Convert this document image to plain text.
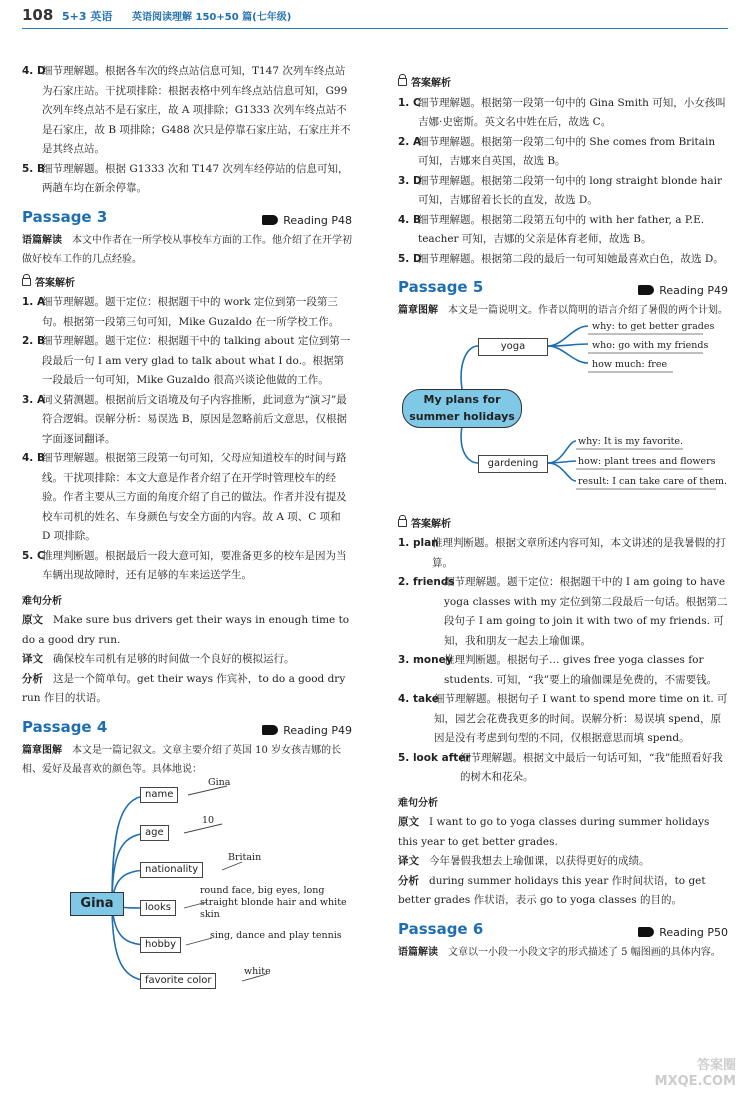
108 5+3 英语 英语阅读理解 150+50 篇(七年级)

4. D
细节理解题。根据各车次的终点站信息可知，T147 次列车终点站为石家庄站。干扰项排除：根据表格中列车终点站信息可知，G99 次列车终点站不是石家庄，故 A 项排除；G1333 次列车终点站不是石家庄，故 B 项排除；G488 次只是停靠石家庄站，石家庄并不是其终点站。

5. B
细节理解题。根据 G1333 次和 T147 次列车经停站的信息可知，两趟车均在新余停靠。

Passage 3	Reading P48
语篇解读　 本文中作者在一所学校从事校车方面的工作。他介绍了在开学初做好校车工作的几点经验。
答案解析

1. A
细节理解题。题干定位：根据题干中的 work 定位到第一段第三句。根据第一段第三句可知，Mike Guzaldo 在一所学校工作。

2. B
细节理解题。题干定位：根据题干中的 talking about 定位到第一段最后一句 I am very glad to talk about what I do.。根据第一段最后一句可知，Mike Guzaldo 很高兴谈论他做的工作。

3. A
词义猜测题。根据前后文语境及句子内容推断，此词意为“演习”最符合逻辑。误解分析：易误选 B，原因是忽略前后文意思，仅根据字面逐词翻译。

4. B
细节理解题。根据第三段第一句可知，父母应知道校车的时间与路线。干扰项排除：本文大意是作者介绍了在开学时管理校车的经验。作者主要从三方面的角度介绍了自己的做法。作者并没有提及校车司机的姓名、车身颜色与安全方面的内容。故 A 项、C 项和 D 项排除。

5. C
推理判断题。根据最后一段大意可知，要准备更多的校车是因为当车辆出现故障时，还有足够的车来运送学生。

难句分析
原文 Make sure bus drivers get their ways in enough time to do a good dry run.
译文 确保校车司机有足够的时间做一个良好的模拟运行。
分析 这是一个简单句。get their ways 作宾补，to do a good dry run 作目的状语。
Passage 4	Reading P49
篇章图解　 本文是一篇记叙文。文章主要介绍了英国 10 岁女孩吉娜的长相、爱好及最喜欢的颜色等。具体地说：
Gina
name
age
nationality
looks
hobby
favorite color
Gina
10
Britain
round face, big eyes, long straight blonde hair and white skin
sing, dance and play tennis
white
答案解析

1. C
细节理解题。根据第一段第一句中的 Gina Smith 可知，小女孩叫吉娜·史密斯。英文名中姓在后，故选 C。

2. A
细节理解题。根据第一段第二句中的 She comes from Britain 可知，吉娜来自英国，故选 B。

3. D
细节理解题。根据第二段第一句中的 long straight blonde hair 可知，吉娜留着长长的直发，故选 D。

4. B
细节理解题。根据第二段第五句中的 with her father, a P.E. teacher 可知，吉娜的父亲是体育老师，故选 B。

5. D
细节理解题。根据第二段的最后一句可知她最喜欢白色，故选 D。

Passage 5	Reading P49
篇章图解　 本文是一篇说明文。作者以简明的语言介绍了暑假的两个计划。
My plans for summer holidays
yoga
gardening
why: to get better grades
who: go with my friends
how much: free
why: It is my favorite.
how: plant trees and flowers
result: I can take care of them.
答案解析

1. plan
推理判断题。根据文章所述内容可知，本文讲述的是我暑假的打算。

2. friends
细节理解题。题干定位：根据题干中的 I am going to have yoga classes with my 定位到第二段最后一句话。根据第二段句子 I am going to join it with two of my friends. 可知，我和朋友一起去上瑜伽课。

3. money
推理判断题。根据句子… gives free yoga classes for students. 可知，“我”要上的瑜伽课是免费的，不需要钱。

4. take
细节理解题。根据句子 I want to spend more time on it. 可知，园艺会花费我更多的时间。误解分析：易误填 spend，原因是没有考虑到句型的不同，仅根据意思而填 spend。

5. look after
细节理解题。根据文中最后一句话可知，“我”能照看好我的树木和花朵。

难句分析
原文 I want to go to yoga classes during summer holidays this year to get better grades.
译文 今年暑假我想去上瑜伽课，以获得更好的成绩。
分析 during summer holidays this year 作时间状语，to get better grades 作状语，表示 go to yoga classes 的目的。
Passage 6	Reading P50
语篇解读　 文章以一小段一小段文字的形式描述了 5 幅图画的具体内容。
答案圈
MXQE.COM
